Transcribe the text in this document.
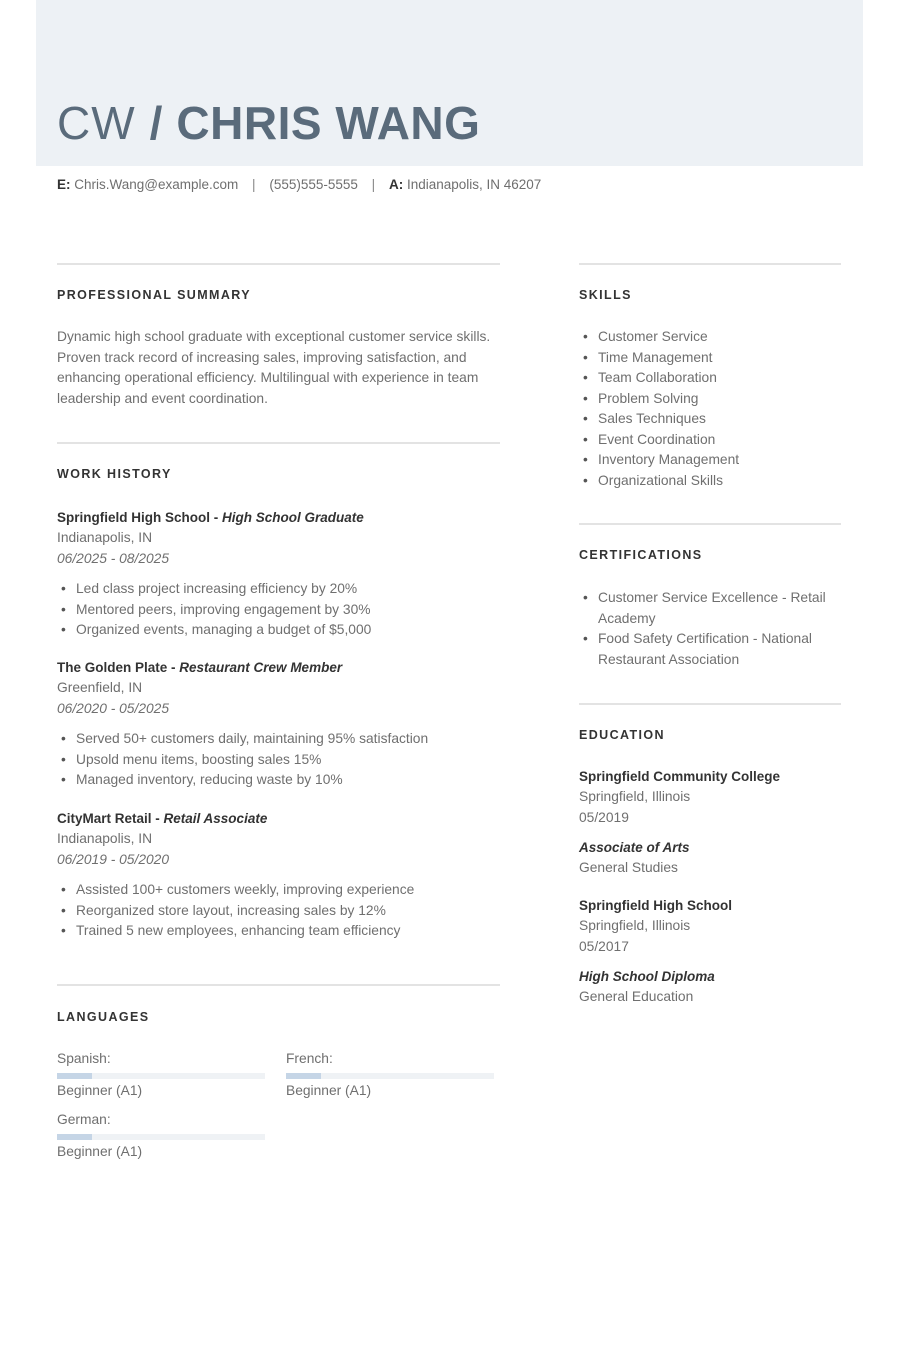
CW / CHRIS WANG
E: Chris.Wang@example.com | (555)555-5555 | A: Indianapolis, IN 46207
PROFESSIONAL SUMMARY

Dynamic high school graduate with exceptional customer service skills. Proven track record of increasing sales, improving satisfaction, and enhancing operational efficiency. Multilingual with experience in team leadership and event coordination.

WORK HISTORY
Springfield High School - High School Graduate
Indianapolis, IN
06/2025 - 08/2025
• Led class project increasing efficiency by 20%
• Mentored peers, improving engagement by 30%
• Organized events, managing a budget of $5,000
The Golden Plate - Restaurant Crew Member
Greenfield, IN
06/2020 - 05/2025
• Served 50+ customers daily, maintaining 95% satisfaction
• Upsold menu items, boosting sales 15%
• Managed inventory, reducing waste by 10%
CityMart Retail - Retail Associate
Indianapolis, IN
06/2019 - 05/2020
• Assisted 100+ customers weekly, improving experience
• Reorganized store layout, increasing sales by 12%
• Trained 5 new employees, enhancing team efficiency
LANGUAGES
Spanish:
Beginner (A1)
French:
Beginner (A1)
German:
Beginner (A1)
SKILLS
• Customer Service
• Time Management
• Team Collaboration
• Problem Solving
• Sales Techniques
• Event Coordination
• Inventory Management
• Organizational Skills
CERTIFICATIONS
• Customer Service Excellence - Retail Academy
• Food Safety Certification - National Restaurant Association
EDUCATION
Springfield Community College
Springfield, Illinois
05/2019
Associate of Arts
General Studies
Springfield High School
Springfield, Illinois
05/2017
High School Diploma
General Education
